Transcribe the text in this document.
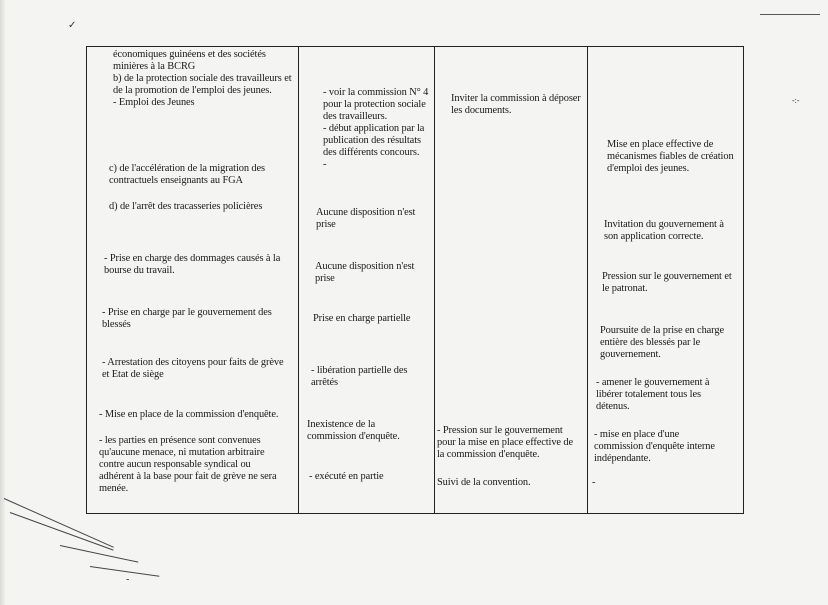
✓
-:-
-
économiques guinéens et des sociétés
minières à la BCRG
b) de la protection sociale des travailleurs et
de la promotion de l'emploi des jeunes.
- Emploi des Jeunes
c) de l'accélération de la migration des
contractuels enseignants au FGA
d) de l'arrêt des tracasseries policières
- Prise en charge des dommages causés à la
bourse du travail.
- Prise en charge par le gouvernement des
blessés
- Arrestation des citoyens pour faits de grève
et Etat de siège
- Mise en place de la commission d'enquête.
- les parties en présence sont convenues
qu'aucune menace, ni mutation arbitraire
contre aucun responsable syndical ou
adhérent à la base pour fait de grève ne sera
menée.
- voir la commission N° 4
pour la protection sociale
des travailleurs.
- début application par la
publication des résultats
des différents concours.
-
Aucune disposition n'est
prise
Aucune disposition n'est
prise
Prise en charge partielle
- libération partielle des
arrêtés
Inexistence de la
commission d'enquête.
- exécuté en partie
Inviter la commission à déposer
les documents.
- Pression sur le gouvernement
pour la mise en place effective de
la commission d'enquête.
Suivi de la convention.
Mise en place effective de
mécanismes fiables de création
d'emploi des jeunes.
Invitation du gouvernement à
son application correcte.
Pression sur le gouvernement et
le patronat.
Poursuite de la prise en charge
entière des blessés par le
gouvernement.
- amener le gouvernement à
libérer totalement tous les
détenus.
- mise en place d'une
commission d'enquête interne
indépendante.
-
